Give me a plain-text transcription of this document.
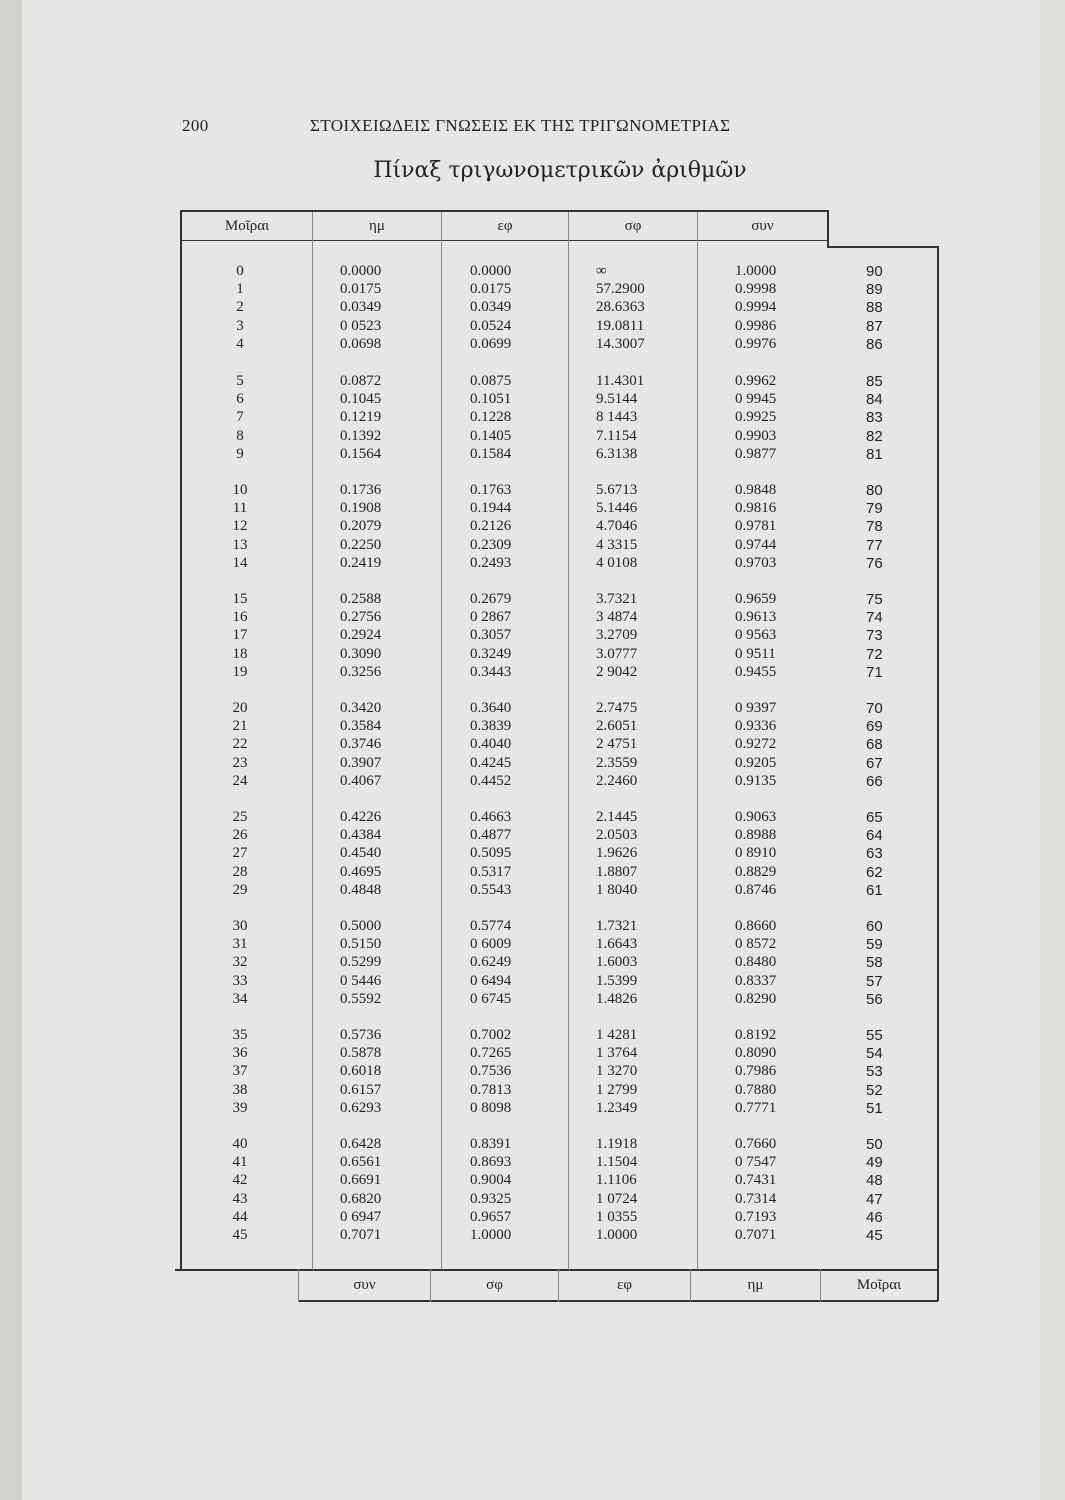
200	ΣΤΟΙΧΕΙΩΔΕΙΣ ΓΝΩΣΕΙΣ ΕΚ ΤΗΣ ΤΡΙΓΩΝΟΜΕΤΡΙΑΣ
Πίναξ τριγωνομετρικῶν ἀριθμῶν
Μοῖραι	ημ	εφ	σφ	συν
συν	σφ	εφ	ημ	Μοῖραι
0	0.0000	0.0000	∞	1.0000	90
1	0.0175	0.0175	57.2900	0.9998	89
2	0.0349	0.0349	28.6363	0.9994	88
3	0 0523	0.0524	19.0811	0.9986	87
4	0.0698	0.0699	14.3007	0.9976	86
5	0.0872	0.0875	11.4301	0.9962	85
6	0.1045	0.1051	9.5144	0 9945	84
7	0.1219	0.1228	8 1443	0.9925	83
8	0.1392	0.1405	7.1154	0.9903	82
9	0.1564	0.1584	6.3138	0.9877	81
10	0.1736	0.1763	5.6713	0.9848	80
11	0.1908	0.1944	5.1446	0.9816	79
12	0.2079	0.2126	4.7046	0.9781	78
13	0.2250	0.2309	4 3315	0.9744	77
14	0.2419	0.2493	4 0108	0.9703	76
15	0.2588	0.2679	3.7321	0.9659	75
16	0.2756	0 2867	3 4874	0.9613	74
17	0.2924	0.3057	3.2709	0 9563	73
18	0.3090	0.3249	3.0777	0 9511	72
19	0.3256	0.3443	2 9042	0.9455	71
20	0.3420	0.3640	2.7475	0 9397	70
21	0.3584	0.3839	2.6051	0.9336	69
22	0.3746	0.4040	2 4751	0.9272	68
23	0.3907	0.4245	2.3559	0.9205	67
24	0.4067	0.4452	2.2460	0.9135	66
25	0.4226	0.4663	2.1445	0.9063	65
26	0.4384	0.4877	2.0503	0.8988	64
27	0.4540	0.5095	1.9626	0 8910	63
28	0.4695	0.5317	1.8807	0.8829	62
29	0.4848	0.5543	1 8040	0.8746	61
30	0.5000	0.5774	1.7321	0.8660	60
31	0.5150	0 6009	1.6643	0 8572	59
32	0.5299	0.6249	1.6003	0.8480	58
33	0 5446	0 6494	1.5399	0.8337	57
34	0.5592	0 6745	1.4826	0.8290	56
35	0.5736	0.7002	1 4281	0.8192	55
36	0.5878	0.7265	1 3764	0.8090	54
37	0.6018	0.7536	1 3270	0.7986	53
38	0.6157	0.7813	1 2799	0.7880	52
39	0.6293	0 8098	1.2349	0.7771	51
40	0.6428	0.8391	1.1918	0.7660	50
41	0.6561	0.8693	1.1504	0 7547	49
42	0.6691	0.9004	1.1106	0.7431	48
43	0.6820	0.9325	1 0724	0.7314	47
44	0 6947	0.9657	1 0355	0.7193	46
45	0.7071	1.0000	1.0000	0.7071	45
